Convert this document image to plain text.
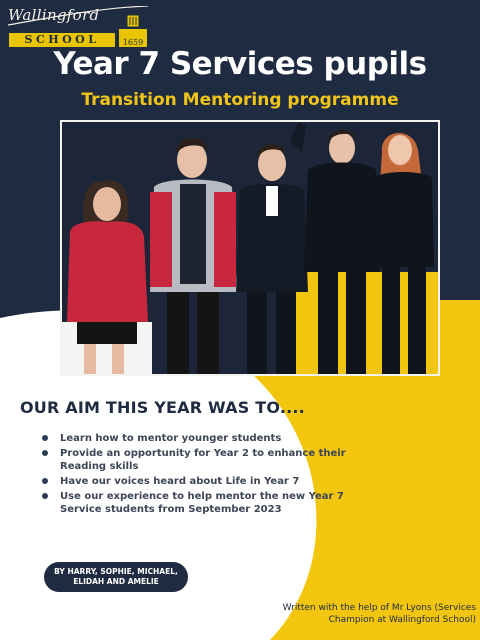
Wallingford
SCHOOL	1659
Year 7 Services pupils
Transition Mentoring programme
OUR AIM THIS YEAR WAS TO....
Learn how to mentor younger students
Provide an opportunity for Year 2 to enhance their Reading skills
Have our voices heard about Life in Year 7
Use our experience to help mentor the new Year 7 Service students from September 2023
BY HARRY, SOPHIE, MICHAEL,
ELIDAH AND AMELIE
Written with the help of Mr Lyons (Services
Champion at Wallingford School)
